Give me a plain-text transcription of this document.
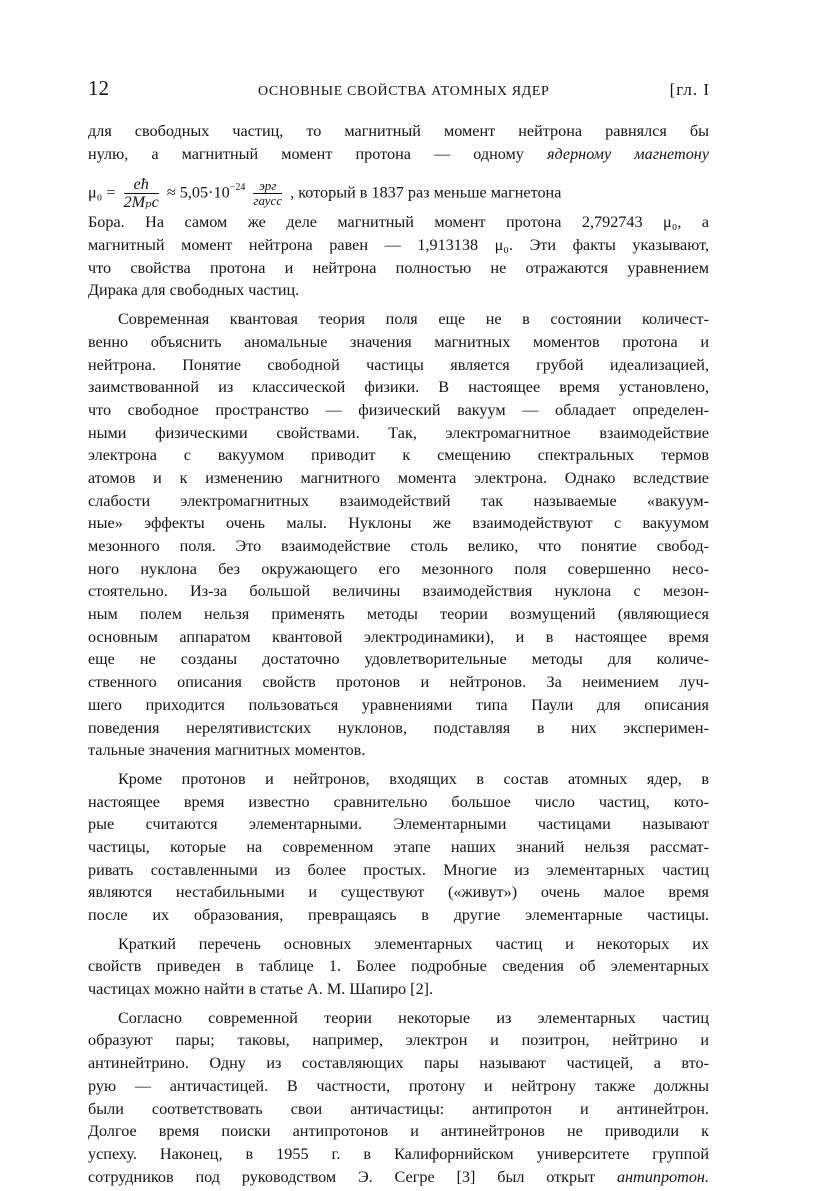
12	ОСНОВНЫЕ СВОЙСТВА АТОМНЫХ ЯДЕР	[гл. I
для свободных частиц, то магнитный момент нейтрона равнялся бы
нулю, а магнитный момент протона — одному ядерному магнетону
$\mu_0 = \frac{eħ}{\text{2Mₚc}} \approx 5,05\cdot 10^{-24} \frac{\text{эрг}}{\text{гаусс}}$ , который в 1837 раз меньше магнетона
Бора. На самом же деле магнитный момент протона 2,792743 μ₀, а
магнитный момент нейтрона равен — 1,913138 μ₀. Эти факты указывают,
что свойства протона и нейтрона полностью не отражаются уравнением
Дирака для свободных частиц.
Современная квантовая теория поля еще не в состоянии количест-
венно объяснить аномальные значения магнитных моментов протона и
нейтрона. Понятие свободной частицы является грубой идеализацией,
заимствованной из классической физики. В настоящее время установлено,
что свободное пространство — физический вакуум — обладает определен-
ными физическими свойствами. Так, электромагнитное взаимодействие
электрона с вакуумом приводит к смещению спектральных термов
атомов и к изменению магнитного момента электрона. Однако вследствие
слабости электромагнитных взаимодействий так называемые «вакуум-
ные» эффекты очень малы. Нуклоны же взаимодействуют с вакуумом
мезонного поля. Это взаимодействие столь велико, что понятие свобод-
ного нуклона без окружающего его мезонного поля совершенно несо-
стоятельно. Из-за большой величины взаимодействия нуклона с мезон-
ным полем нельзя применять методы теории возмущений (являющиеся
основным аппаратом квантовой электродинамики), и в настоящее время
еще не созданы достаточно удовлетворительные методы для количе-
ственного описания свойств протонов и нейтронов. За неимением луч-
шего приходится пользоваться уравнениями типа Паули для описания
поведения нерелятивистских нуклонов, подставляя в них эксперимен-
тальные значения магнитных моментов.
Кроме протонов и нейтронов, входящих в состав атомных ядер, в
настоящее время известно сравнительно большое число частиц, кото-
рые считаются элементарными. Элементарными частицами называют
частицы, которые на современном этапе наших знаний нельзя рассмат-
ривать составленными из более простых. Многие из элементарных частиц
являются нестабильными и существуют («живут») очень малое время
после их образования, превращаясь в другие элементарные частицы.
Краткий перечень основных элементарных частиц и некоторых их
свойств приведен в таблице 1. Более подробные сведения об элементарных
частицах можно найти в статье А. М. Шапиро [2].
Согласно современной теории некоторые из элементарных частиц
образуют пары; таковы, например, электрон и позитрон, нейтрино и
антинейтрино. Одну из составляющих пары называют частицей, а вто-
рую — античастицей. В частности, протону и нейтрону также должны
были соответствовать свои античастицы: антипротон и антинейтрон.
Долгое время поиски антипротонов и антинейтронов не приводили к
успеху. Наконец, в 1955 г. в Калифорнийском университете группой
сотрудников под руководством Э. Сегре [3] был открыт антипротон.
